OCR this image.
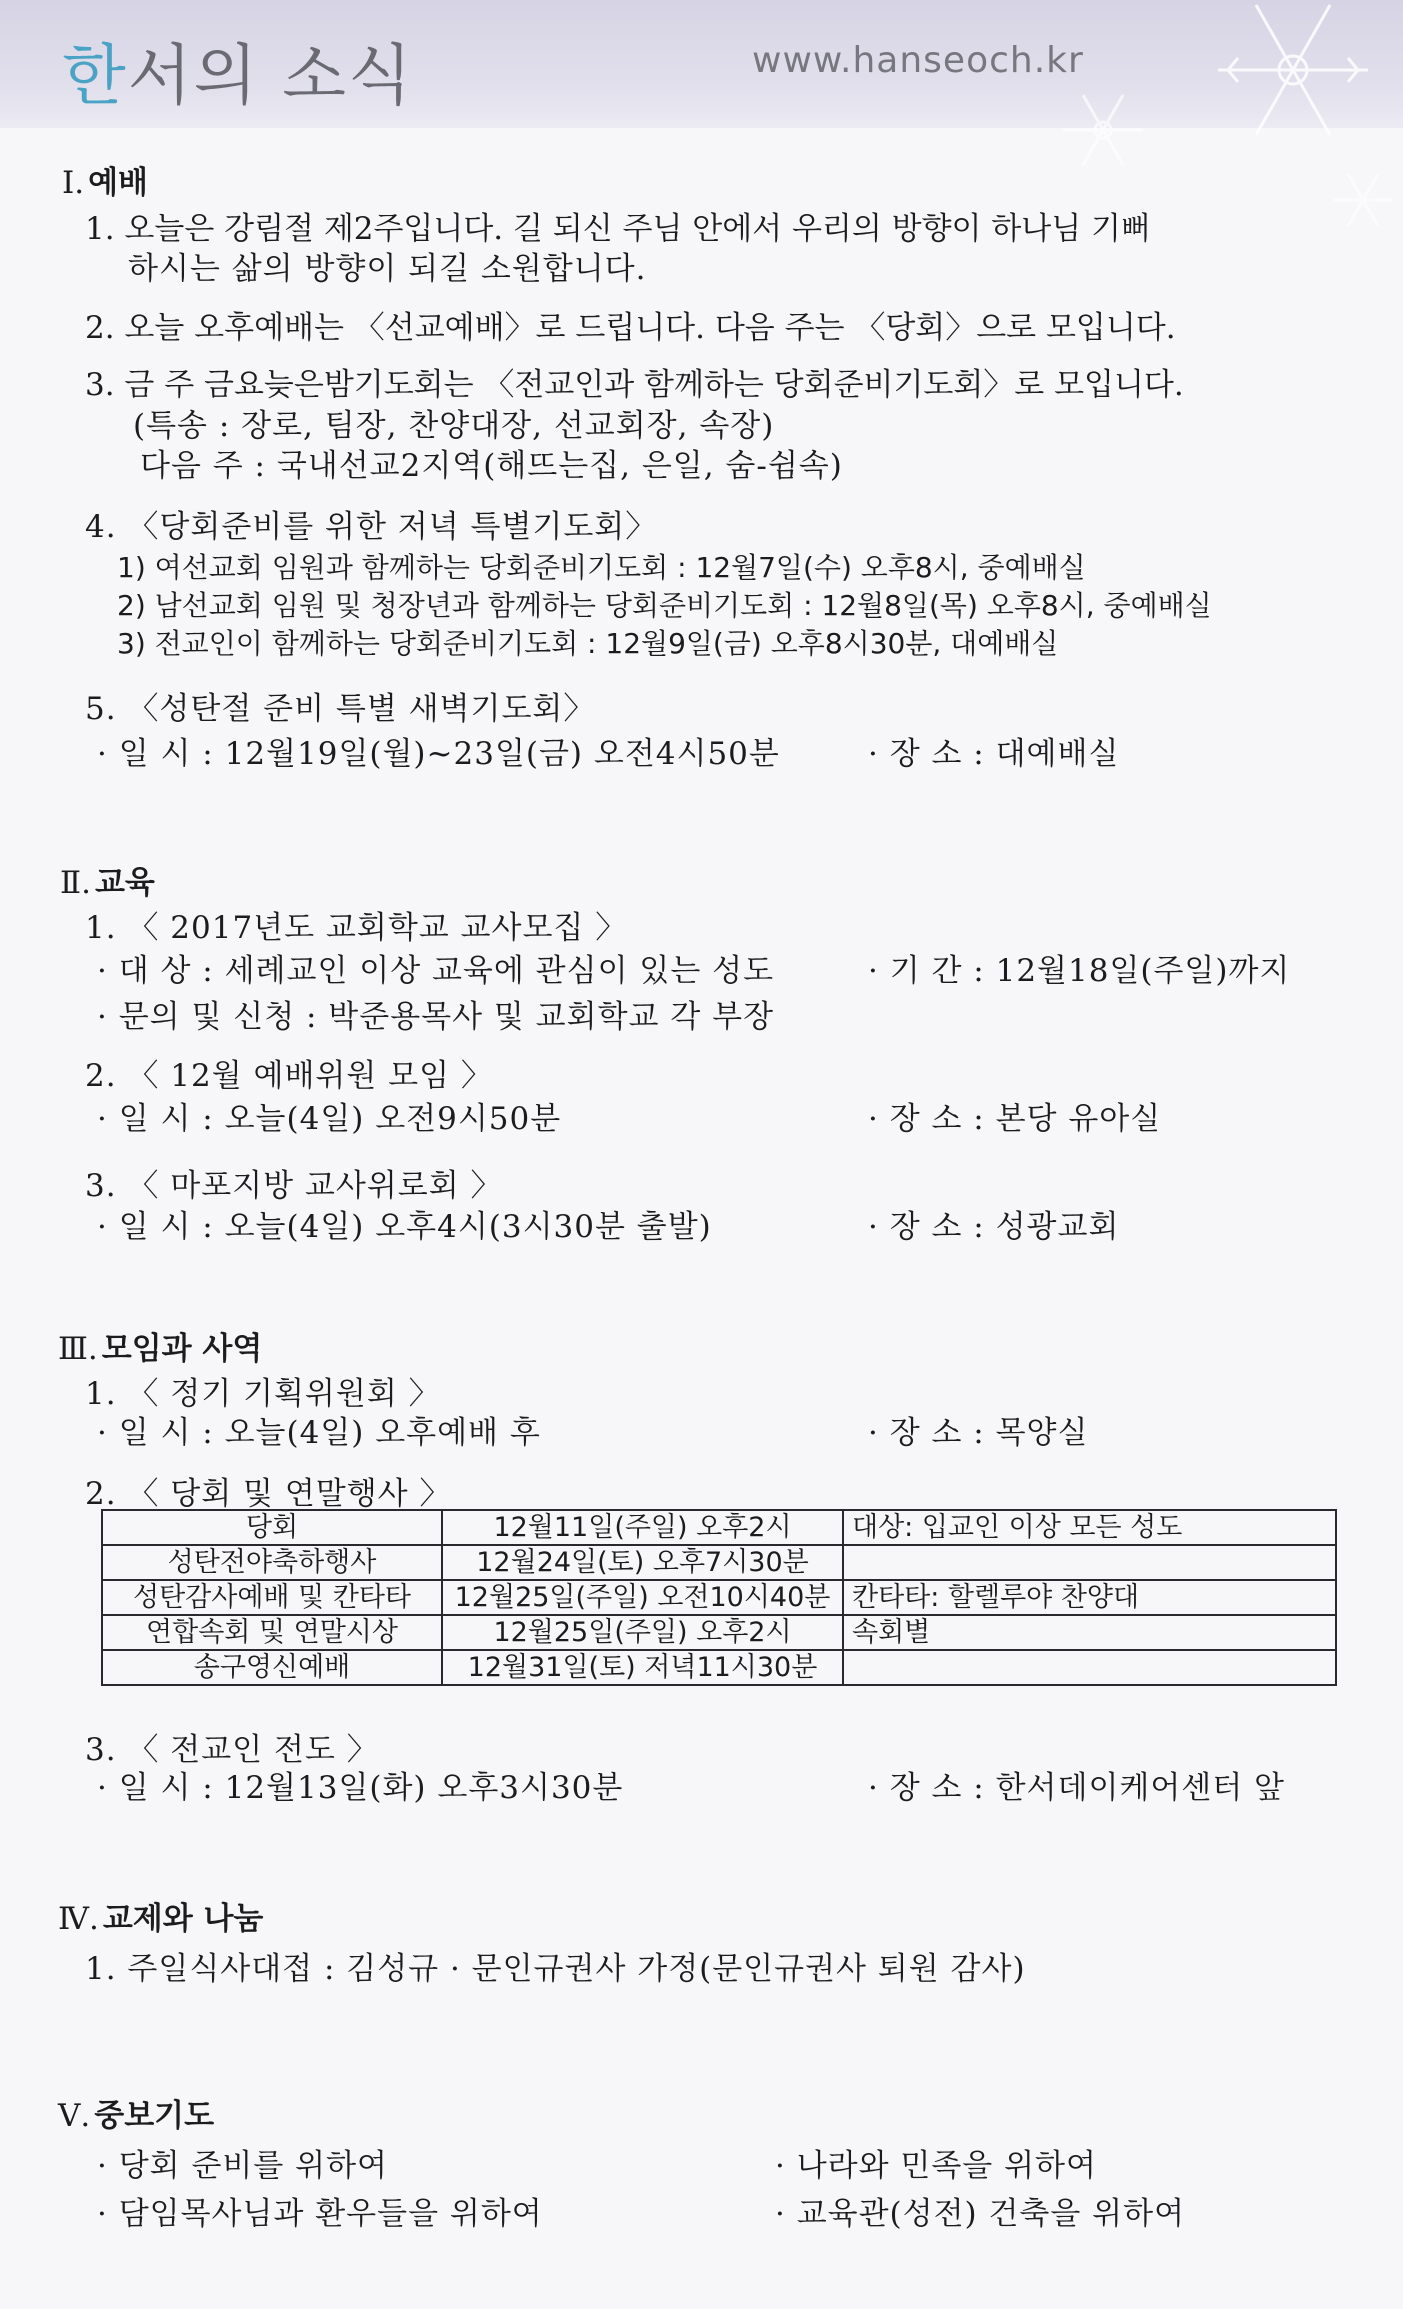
한서의 소식	www.hanseoch.kr
Ⅰ. 예배
1. 오늘은 강림절 제2주입니다. 길 되신 주님 안에서 우리의 방향이 하나님 기뻐
하시는 삶의 방향이 되길 소원합니다.
2. 오늘 오후예배는 〈선교예배〉로 드립니다. 다음 주는 〈당회〉으로 모입니다.
3. 금 주 금요늦은밤기도회는 〈전교인과 함께하는 당회준비기도회〉로 모입니다.
(특송 : 장로, 팀장, 찬양대장, 선교회장, 속장)
다음 주 : 국내선교2지역(해뜨는집, 은일, 숨-쉼속)
4. 〈당회준비를 위한 저녁 특별기도회〉
1) 여선교회 임원과 함께하는 당회준비기도회 : 12월7일(수) 오후8시, 중예배실
2) 남선교회 임원 및 청장년과 함께하는 당회준비기도회 : 12월8일(목) 오후8시, 중예배실
3) 전교인이 함께하는 당회준비기도회 : 12월9일(금) 오후8시30분, 대예배실
5. 〈성탄절 준비 특별 새벽기도회〉
· 일 시 : 12월19일(월)~23일(금) 오전4시50분	· 장 소 : 대예배실
Ⅱ. 교육
1. 〈 2017년도 교회학교 교사모집 〉
· 대 상 : 세례교인 이상 교육에 관심이 있는 성도	· 기 간 : 12월18일(주일)까지
· 문의 및 신청 : 박준용목사 및 교회학교 각 부장
2. 〈 12월 예배위원 모임 〉
· 일 시 : 오늘(4일) 오전9시50분	· 장 소 : 본당 유아실
3. 〈 마포지방 교사위로회 〉
· 일 시 : 오늘(4일) 오후4시(3시30분 출발)	· 장 소 : 성광교회
Ⅲ. 모임과 사역
1. 〈 정기 기획위원회 〉
· 일 시 : 오늘(4일) 오후예배 후	· 장 소 : 목양실
2. 〈 당회 및 연말행사 〉
당회	12월11일(주일) 오후2시	대상: 입교인 이상 모든 성도
성탄전야축하행사	12월24일(토) 오후7시30분	
성탄감사예배 및 칸타타	12월25일(주일) 오전10시40분	칸타타: 할렐루야 찬양대
연합속회 및 연말시상	12월25일(주일) 오후2시	속회별
송구영신예배	12월31일(토) 저녁11시30분	
3. 〈 전교인 전도 〉
· 일 시 : 12월13일(화) 오후3시30분	· 장 소 : 한서데이케어센터 앞
Ⅳ. 교제와 나눔
1. 주일식사대접 : 김성규 · 문인규권사 가정(문인규권사 퇴원 감사)
Ⅴ. 중보기도
· 당회 준비를 위하여	· 나라와 민족을 위하여
· 담임목사님과 환우들을 위하여	· 교육관(성전) 건축을 위하여
